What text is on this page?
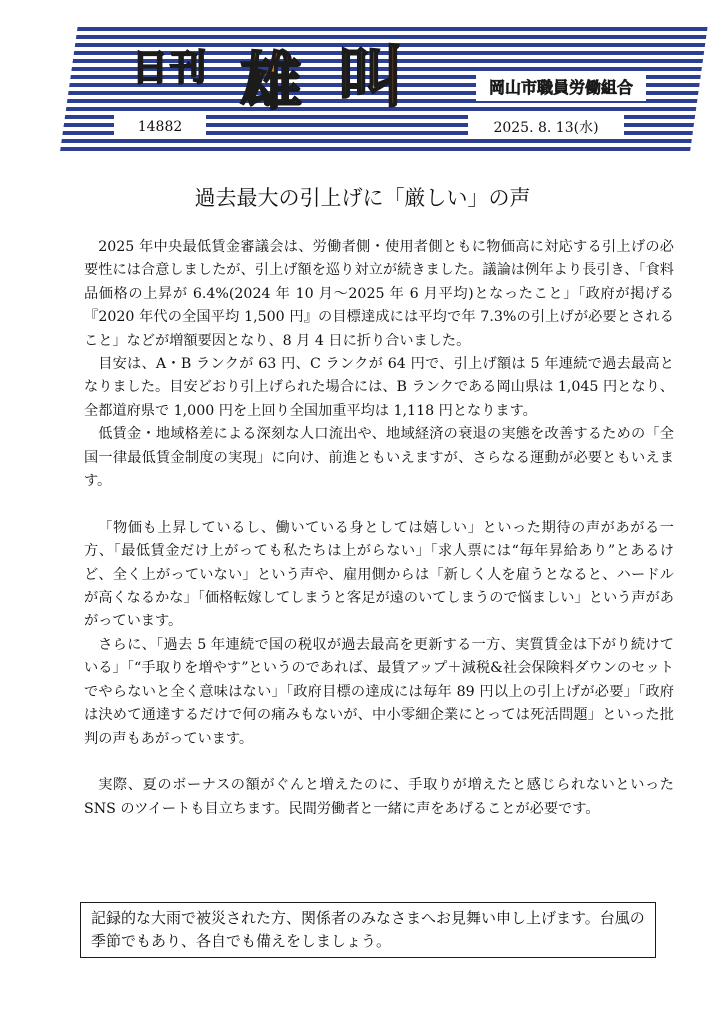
日刊 雄 叫	岡山市職員労働組合
14882	2025. 8. 13(水)
過去最大の引上げに「厳しい」の声

2025 年中央最低賃金審議会は、労働者側・使用者側ともに物価高に対応する引上げの必要性には合意しましたが、引上げ額を巡り対立が続きました。議論は例年より長引き、「食料品価格の上昇が 6.4%(2024 年 10 月～2025 年 6 月平均)となったこと」「政府が掲げる『2020 年代の全国平均 1,500 円』の目標達成には平均で年 7.3%の引上げが必要とされること」などが増額要因となり、8 月 4 日に折り合いました。

目安は、A・B ランクが 63 円、C ランクが 64 円で、引上げ額は 5 年連続で過去最高となりました。目安どおり引上げられた場合には、B ランクである岡山県は 1,045 円となり、全都道府県で 1,000 円を上回り全国加重平均は 1,118 円となります。

低賃金・地域格差による深刻な人口流出や、地域経済の衰退の実態を改善するための「全国一律最低賃金制度の実現」に向け、前進ともいえますが、さらなる運動が必要ともいえます。

「物価も上昇しているし、働いている身としては嬉しい」といった期待の声があがる一方、「最低賃金だけ上がっても私たちは上がらない」「求人票には“毎年昇給あり”とあるけど、全く上がっていない」という声や、雇用側からは「新しく人を雇うとなると、ハードルが高くなるかな」「価格転嫁してしまうと客足が遠のいてしまうので悩ましい」という声があがっています。

さらに、「過去 5 年連続で国の税収が過去最高を更新する一方、実質賃金は下がり続けている」「“手取りを増やす”というのであれば、最賃アップ＋減税&社会保険料ダウンのセットでやらないと全く意味はない」「政府目標の達成には毎年 89 円以上の引上げが必要」「政府は決めて通達するだけで何の痛みもないが、中小零細企業にとっては死活問題」といった批判の声もあがっています。

実際、夏のボーナスの額がぐんと増えたのに、手取りが増えたと感じられないといった SNS のツイートも目立ちます。民間労働者と一緒に声をあげることが必要です。

記録的な大雨で被災された方、関係者のみなさまへお見舞い申し上げます。台風の季節でもあり、各自でも備えをしましょう。
